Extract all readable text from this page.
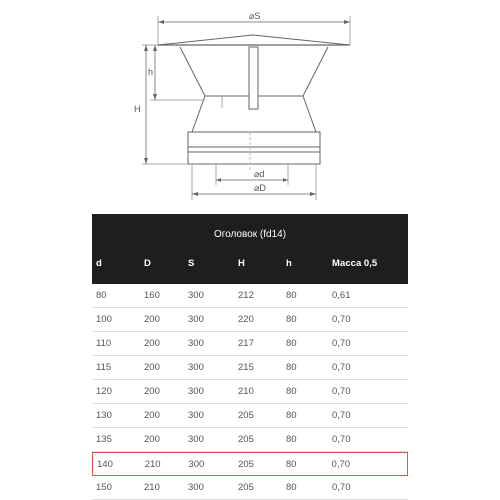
⌀S
h
H
⌀d
⌀D
Оголовок (fd14)
d	D	S	H	h	Масса 0,5
80	160	300	212	80	0,61
100	200	300	220	80	0,70
110	200	300	217	80	0,70
115	200	300	215	80	0,70
120	200	300	210	80	0,70
130	200	300	205	80	0,70
135	200	300	205	80	0,70
140	210	300	205	80	0,70
150	210	300	205	80	0,70
